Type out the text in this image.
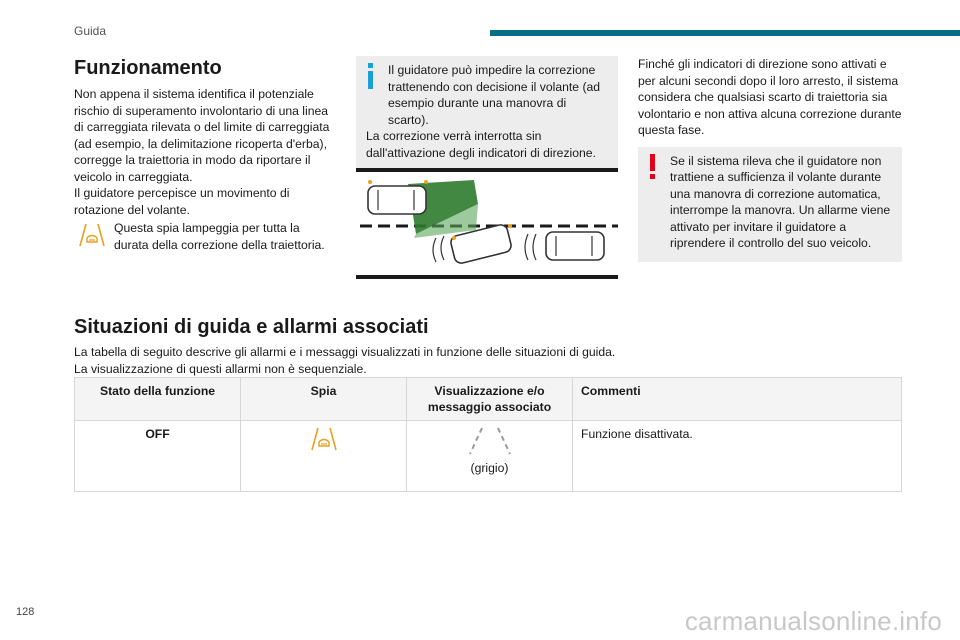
Guida
Funzionamento

Non appena il sistema identifica il potenziale rischio di superamento involontario di una linea di carreggiata rilevata o del limite di carreggiata (ad esempio, la delimitazione ricoperta d'erba), corregge la traiettoria in modo da riportare il veicolo in carreggiata.

Il guidatore percepisce un movimento di rotazione del volante.

Questa spia lampeggia per tutta la durata della correzione della traiettoria.

Il guidatore può impedire la correzione trattenendo con decisione il volante (ad esempio durante una manovra di scarto).

La correzione verrà interrotta sin dall'attivazione degli indicatori di direzione.

Finché gli indicatori di direzione sono attivati e per alcuni secondi dopo il loro arresto, il sistema considera che qualsiasi scarto di traiettoria sia volontario e non attiva alcuna correzione durante questa fase.

Se il sistema rileva che il guidatore non trattiene a sufficienza il volante durante una manovra di correzione automatica, interrompe la manovra. Un allarme viene attivato per invitare il guidatore a riprendere il controllo del suo veicolo.

Situazioni di guida e allarmi associati

La tabella di seguito descrive gli allarmi e i messaggi visualizzati in funzione delle situazioni di guida.

La visualizzazione di questi allarmi non è sequenziale.

Stato della funzione	Spia	Visualizzazione e/o messaggio associato	Commenti
OFF		(grigio)	Funzione disattivata.
128	carmanualsonline.info
